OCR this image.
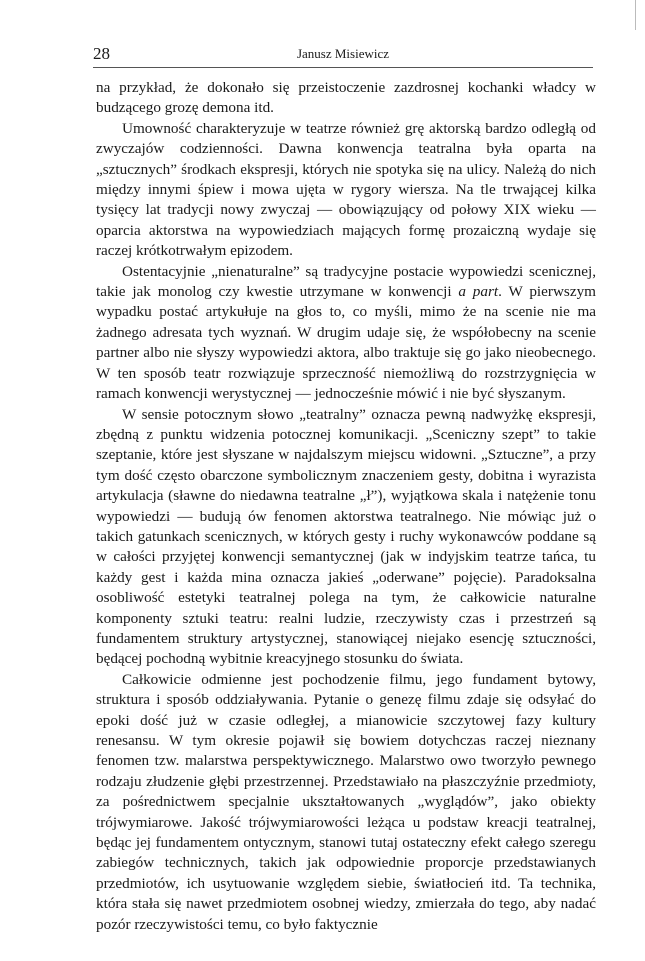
28	Janusz Misiewicz

na przykład, że dokonało się przeistoczenie zazdrosnej kochanki władcy w budzącego grozę demona itd.

Umowność charakteryzuje w teatrze również grę aktorską bardzo odległą od zwyczajów codzienności. Dawna konwencja teatralna była oparta na „sztucznych” środkach ekspresji, których nie spotyka się na ulicy. Należą do nich między innymi śpiew i mowa ujęta w rygory wiersza. Na tle trwającej kilka tysięcy lat tradycji nowy zwyczaj — obowiązujący od połowy XIX wieku — oparcia aktorstwa na wypowiedziach mających formę prozaiczną wydaje się raczej krótkotrwałym epizodem.

Ostentacyjnie „nienaturalne” są tradycyjne postacie wypowiedzi scenicznej, takie jak monolog czy kwestie utrzymane w konwencji a part. W pierwszym wypadku postać artykułuje na głos to, co myśli, mimo że na scenie nie ma żadnego adresata tych wyznań. W drugim udaje się, że współobecny na scenie partner albo nie słyszy wypowiedzi aktora, albo traktuje się go jako nieobecnego. W ten sposób teatr rozwiązuje sprzeczność niemożliwą do rozstrzygnięcia w ramach konwencji werystycznej — jednocześnie mówić i nie być słyszanym.

W sensie potocznym słowo „teatralny” oznacza pewną nadwyżkę ekspresji, zbędną z punktu widzenia potocznej komunikacji. „Sceniczny szept” to takie szeptanie, które jest słyszane w najdalszym miejscu widowni. „Sztuczne”, a przy tym dość często obarczone symbolicznym znaczeniem gesty, dobitna i wyrazista artykulacja (sławne do niedawna teatralne „ł”), wyjątkowa skala i natężenie tonu wypowiedzi — budują ów fenomen aktorstwa teatralnego. Nie mówiąc już o takich gatunkach scenicznych, w których gesty i ruchy wykonawców poddane są w całości przyjętej konwencji semantycznej (jak w indyjskim teatrze tańca, tu każdy gest i każda mina oznacza jakieś „oderwane” pojęcie). Paradoksalna osobliwość estetyki teatralnej polega na tym, że całkowicie naturalne komponenty sztuki teatru: realni ludzie, rzeczywisty czas i przestrzeń są fundamentem struktury artystycznej, stanowiącej niejako esencję sztuczności, będącej pochodną wybitnie kreacyjnego stosunku do świata.

Całkowicie odmienne jest pochodzenie filmu, jego fundament bytowy, struktura i sposób oddziaływania. Pytanie o genezę filmu zdaje się odsyłać do epoki dość już w czasie odległej, a mianowicie szczytowej fazy kultury renesansu. W tym okresie pojawił się bowiem dotychczas raczej nieznany fenomen tzw. malarstwa perspektywicznego. Malarstwo owo tworzyło pewnego rodzaju złudzenie głębi przestrzennej. Przedstawiało na płaszczyźnie przedmioty, za pośrednictwem specjalnie ukształtowanych „wyglądów”, jako obiekty trójwymiarowe. Jakość trójwymiarowości leżąca u podstaw kreacji teatralnej, będąc jej fundamentem ontycznym, stanowi tutaj ostateczny efekt całego szeregu zabiegów technicznych, takich jak odpowiednie proporcje przedstawianych przedmiotów, ich usytuowanie względem siebie, światłocień itd. Ta technika, która stała się nawet przedmiotem osobnej wiedzy, zmierzała do tego, aby nadać pozór rzeczywistości temu, co było faktycznie
